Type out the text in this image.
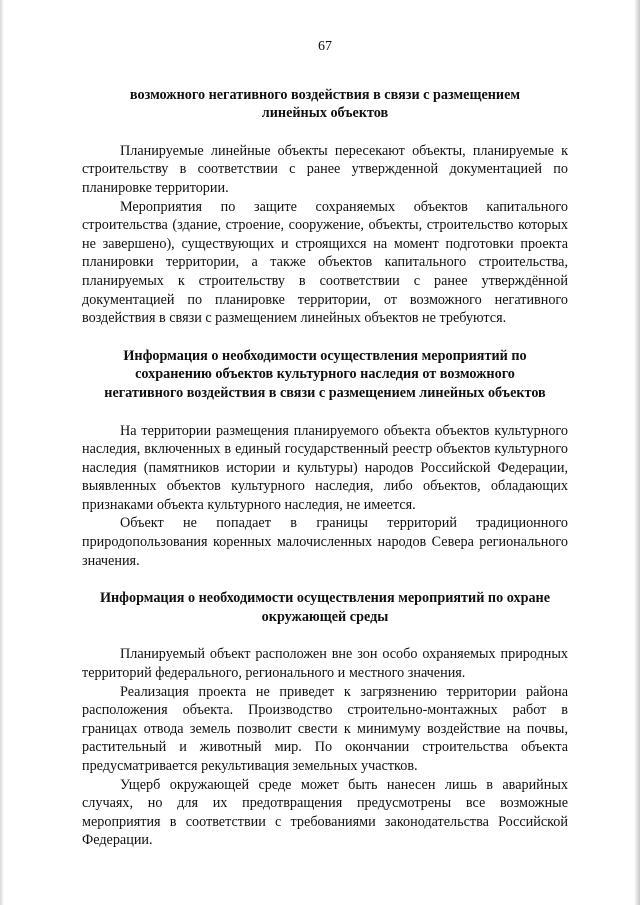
67
возможного негативного воздействия в связи с размещением
линейных объектов

Планируемые линейные объекты пересекают объекты, планируемые к строительству в соответствии с ранее утвержденной документацией по планировке территории.

Мероприятия по защите сохраняемых объектов капитального строительства (здание, строение, сооружение, объекты, строительство которых не завершено), существующих и строящихся на момент подготовки проекта планировки территории, а также объектов капитального строительства, планируемых к строительству в соответствии с ранее утверждённой документацией по планировке территории, от возможного негативного воздействия в связи с размещением линейных объектов не требуются.

Информация о необходимости осуществления мероприятий по
сохранению объектов культурного наследия от возможного
негативного воздействия в связи с размещением линейных объектов

На территории размещения планируемого объекта объектов культурного наследия, включенных в единый государственный реестр объектов культурного наследия (памятников истории и культуры) народов Российской Федерации, выявленных объектов культурного наследия, либо объектов, обладающих признаками объекта культурного наследия, не имеется.

Объект не попадает в границы территорий традиционного природопользования коренных малочисленных народов Севера регионального значения.

Информация о необходимости осуществления мероприятий по охране
окружающей среды

Планируемый объект расположен вне зон особо охраняемых природных территорий федерального, регионального и местного значения.

Реализация проекта не приведет к загрязнению территории района расположения объекта. Производство строительно-монтажных работ в границах отвода земель позволит свести к минимуму воздействие на почвы, растительный и животный мир. По окончании строительства объекта предусматривается рекультивация земельных участков.

Ущерб окружающей среде может быть нанесен лишь в аварийных случаях, но для их предотвращения предусмотрены все возможные мероприятия в соответствии с требованиями законодательства Российской Федерации.
